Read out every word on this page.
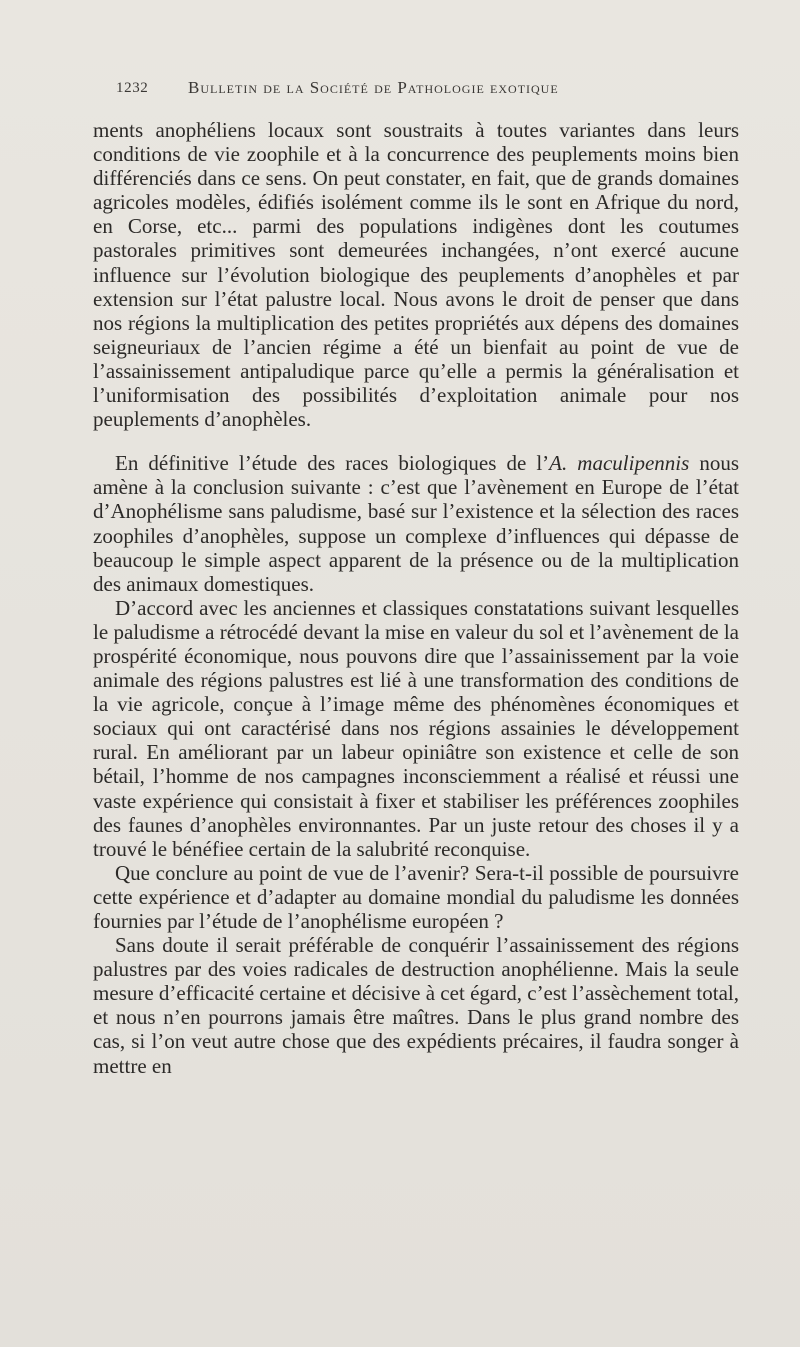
1232 Bulletin de la Société de Pathologie exotique

ments anophéliens locaux sont soustraits à toutes variantes dans leurs conditions de vie zoophile et à la concurrence des peuplements moins bien différenciés dans ce sens. On peut constater, en fait, que de grands domaines agricoles modèles, édifiés isolément comme ils le sont en Afrique du nord, en Corse, etc... parmi des populations indigènes dont les coutumes pastorales primitives sont demeurées inchangées, n’ont exercé aucune influence sur l’évolution biologique des peuplements d’anophèles et par extension sur l’état palustre local. Nous avons le droit de penser que dans nos régions la multiplication des petites propriétés aux dépens des domaines seigneuriaux de l’ancien régime a été un bienfait au point de vue de l’assainissement antipaludique parce qu’elle a permis la généralisation et l’uniformisation des possibilités d’exploitation animale pour nos peuplements d’anophèles.

En définitive l’étude des races biologiques de l’A. maculipennis nous amène à la conclusion suivante : c’est que l’avènement en Europe de l’état d’Anophélisme sans paludisme, basé sur l’existence et la sélection des races zoophiles d’anophèles, suppose un complexe d’influences qui dépasse de beaucoup le simple aspect apparent de la présence ou de la multiplication des animaux domestiques.

D’accord avec les anciennes et classiques constatations suivant lesquelles le paludisme a rétrocédé devant la mise en valeur du sol et l’avènement de la prospérité économique, nous pouvons dire que l’assainissement par la voie animale des régions palustres est lié à une transformation des conditions de la vie agricole, conçue à l’image même des phénomènes économiques et sociaux qui ont caractérisé dans nos régions assainies le développement rural. En améliorant par un labeur opiniâtre son existence et celle de son bétail, l’homme de nos campagnes inconsciemment a réalisé et réussi une vaste expérience qui consistait à fixer et stabiliser les préférences zoophiles des faunes d’anophèles environnantes. Par un juste retour des choses il y a trouvé le bénéfiee certain de la salubrité reconquise.

Que conclure au point de vue de l’avenir? Sera-t-il possible de poursuivre cette expérience et d’adapter au domaine mondial du paludisme les données fournies par l’étude de l’anophélisme européen ?

Sans doute il serait préférable de conquérir l’assainissement des régions palustres par des voies radicales de destruction anophélienne. Mais la seule mesure d’efficacité certaine et décisive à cet égard, c’est l’assèchement total, et nous n’en pourrons jamais être maîtres. Dans le plus grand nombre des cas, si l’on veut autre chose que des expédients précaires, il faudra songer à mettre en
